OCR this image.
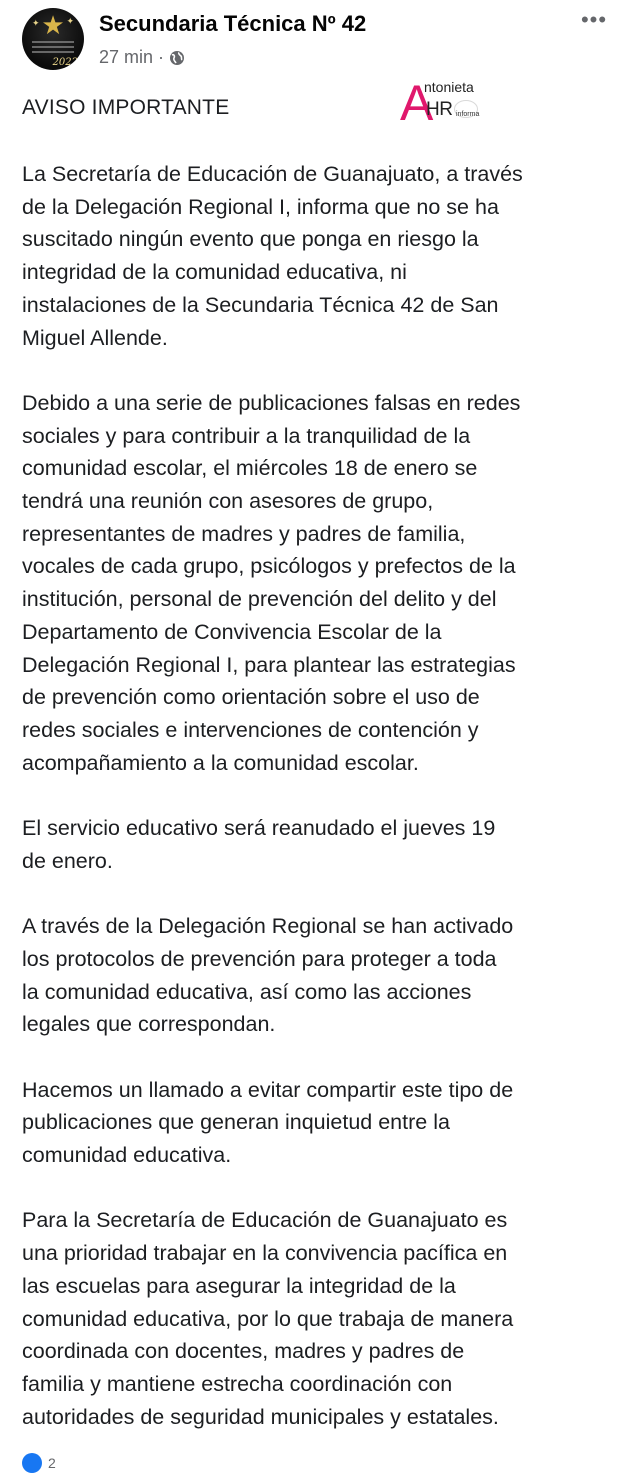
★
✦	✦
2022
Secundaria Técnica Nº 42
27 min ·
•••
AVISO IMPORTANTE	A
ntonieta
HR informa

La Secretaría de Educación de Guanajuato, a través
de la Delegación Regional I, informa que no se ha
suscitado ningún evento que ponga en riesgo la
integridad de la comunidad educativa, ni
instalaciones de la Secundaria Técnica 42 de San
Miguel Allende.

Debido a una serie de publicaciones falsas en redes
sociales y para contribuir a la tranquilidad de la
comunidad escolar, el miércoles 18 de enero se
tendrá una reunión con asesores de grupo,
representantes de madres y padres de familia,
vocales de cada grupo, psicólogos y prefectos de la
institución, personal de prevención del delito y del
Departamento de Convivencia Escolar de la
Delegación Regional I, para plantear las estrategias
de prevención como orientación sobre el uso de
redes sociales e intervenciones de contención y
acompañamiento a la comunidad escolar.

El servicio educativo será reanudado el jueves 19
de enero.

A través de la Delegación Regional se han activado
los protocolos de prevención para proteger a toda
la comunidad educativa, así como las acciones
legales que correspondan.

Hacemos un llamado a evitar compartir este tipo de
publicaciones que generan inquietud entre la
comunidad educativa.

Para la Secretaría de Educación de Guanajuato es
una prioridad trabajar en la convivencia pacífica en
las escuelas para asegurar la integridad de la
comunidad educativa, por lo que trabaja de manera
coordinada con docentes, madres y padres de
familia y mantiene estrecha coordinación con
autoridades de seguridad municipales y estatales.

2
